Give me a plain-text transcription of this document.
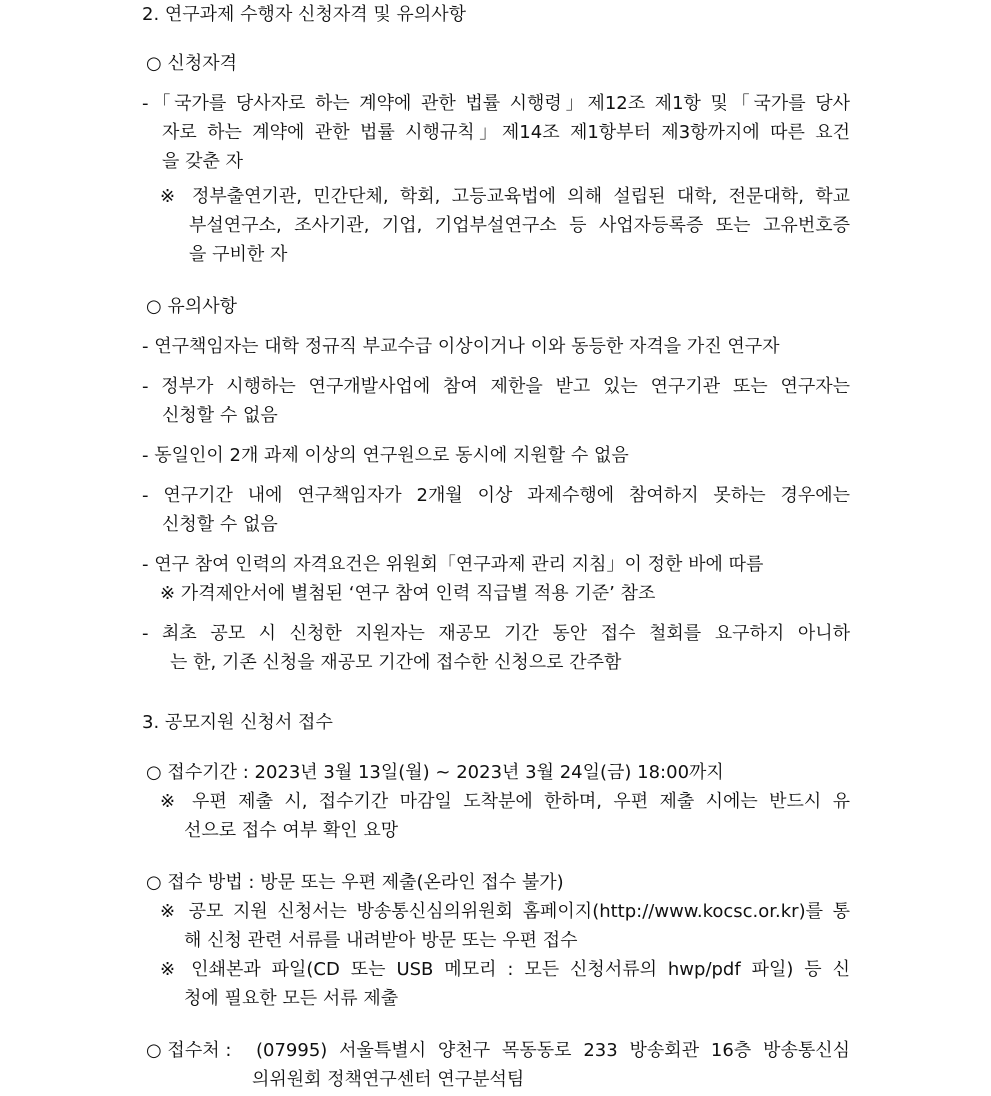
2. 연구과제 수행자 신청자격 및 유의사항
○ 신청자격
-「국가를 당사자로 하는 계약에 관한 법률 시행령」제12조 제1항 및「국가를 당사
자로 하는 계약에 관한 법률 시행규칙」제14조 제1항부터 제3항까지에 따른 요건
을 갖춘 자
※ 정부출연기관, 민간단체, 학회, 고등교육법에 의해 설립된 대학, 전문대학, 학교
부설연구소, 조사기관, 기업, 기업부설연구소 등 사업자등록증 또는 고유번호증
을 구비한 자
○ 유의사항
- 연구책임자는 대학 정규직 부교수급 이상이거나 이와 동등한 자격을 가진 연구자
- 정부가 시행하는 연구개발사업에 참여 제한을 받고 있는 연구기관 또는 연구자는
신청할 수 없음
- 동일인이 2개 과제 이상의 연구원으로 동시에 지원할 수 없음
- 연구기간 내에 연구책임자가 2개월 이상 과제수행에 참여하지 못하는 경우에는
신청할 수 없음
- 연구 참여 인력의 자격요건은 위원회「연구과제 관리 지침」이 정한 바에 따름
※ 가격제안서에 별첨된 ‘연구 참여 인력 직급별 적용 기준’ 참조
- 최초 공모 시 신청한 지원자는 재공모 기간 동안 접수 철회를 요구하지 아니하
는 한, 기존 신청을 재공모 기간에 접수한 신청으로 간주함
3. 공모지원 신청서 접수
○ 접수기간 : 2023년 3월 13일(월) ~ 2023년 3월 24일(금) 18:00까지
※ 우편 제출 시, 접수기간 마감일 도착분에 한하며, 우편 제출 시에는 반드시 유
선으로 접수 여부 확인 요망
○ 접수 방법 : 방문 또는 우편 제출(온라인 접수 불가)
※ 공모 지원 신청서는 방송통신심의위원회 홈페이지(http://www.kocsc.or.kr)를 통
해 신청 관련 서류를 내려받아 방문 또는 우편 접수
※ 인쇄본과 파일(CD 또는 USB 메모리 : 모든 신청서류의 hwp/pdf 파일) 등 신
청에 필요한 모든 서류 제출
○ 접수처 : (07995) 서울특별시 양천구 목동동로 233 방송회관 16층 방송통신심
의위원회 정책연구센터 연구분석팀
